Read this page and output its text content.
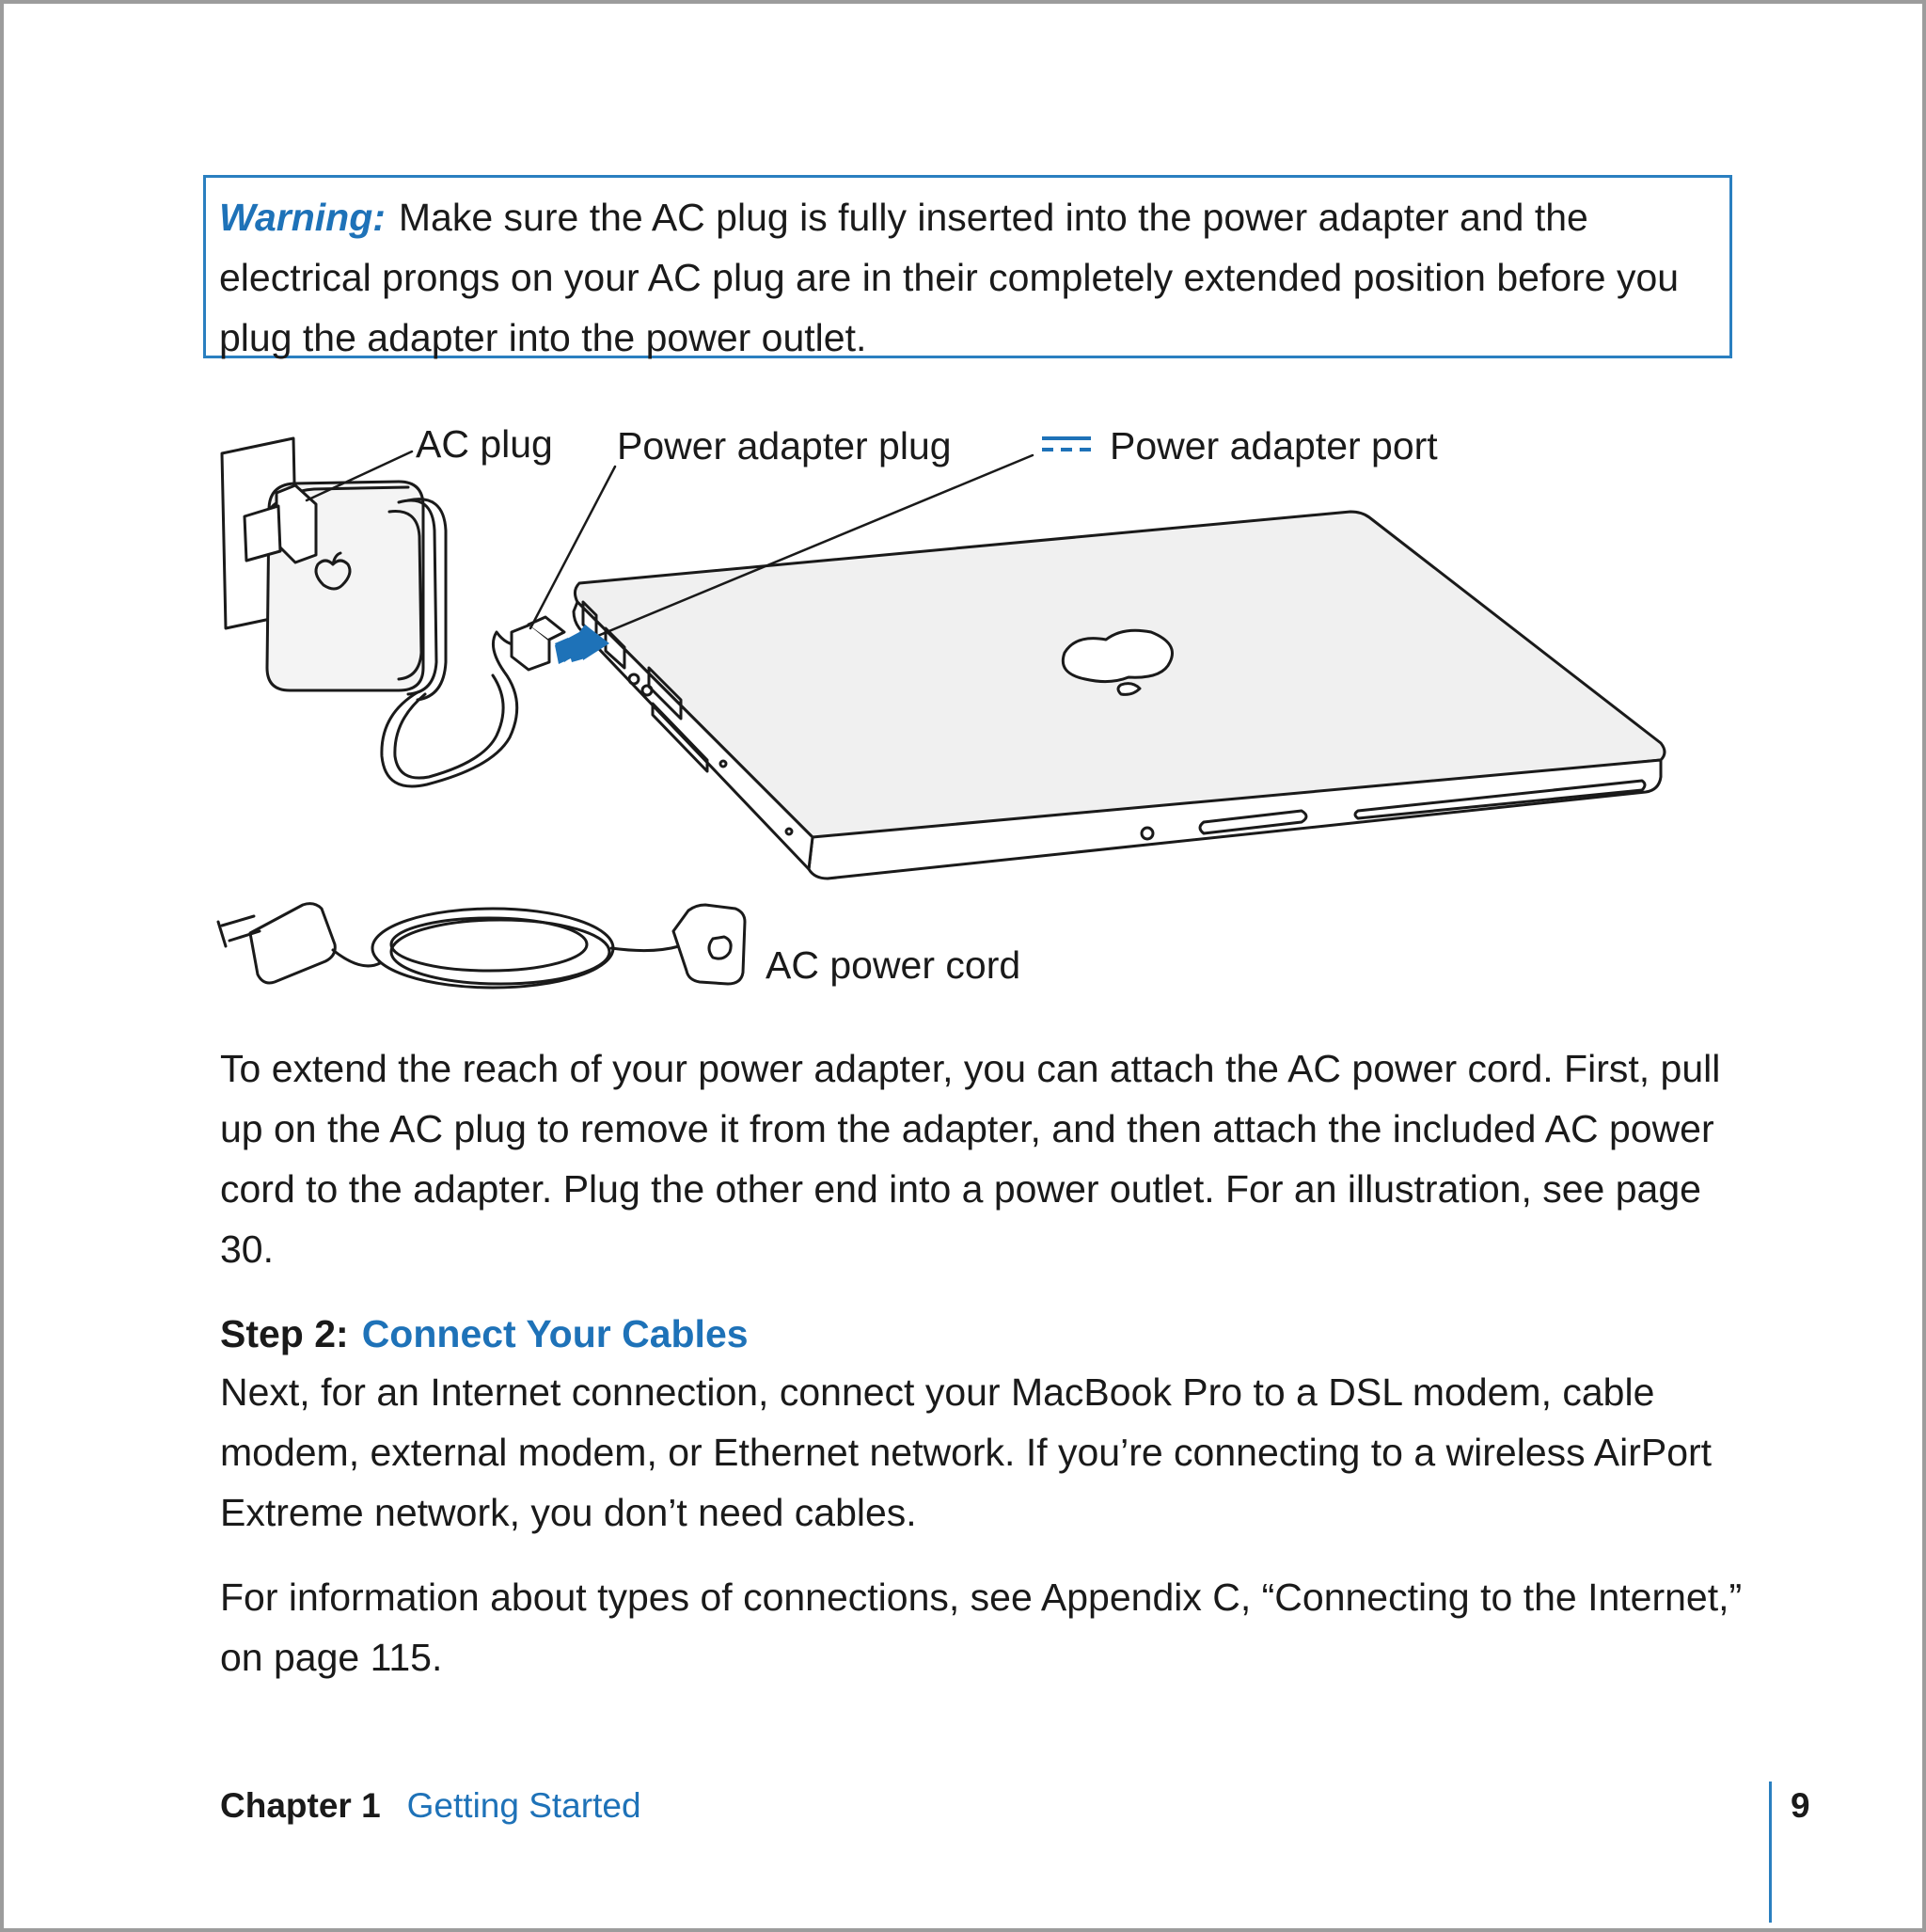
Warning: Make sure the AC plug is fully inserted into the power adapter and the electrical prongs on your AC plug are in their completely extended position before you plug the adapter into the power outlet.

AC plug Power adapter plug	Power adapter port
AC power cord

To extend the reach of your power adapter, you can attach the AC power cord. First, pull up on the AC plug to remove it from the adapter, and then attach the included AC power cord to the adapter. Plug the other end into a power outlet. For an illustration, see page 30.

Step 2: Connect Your Cables

Next, for an Internet connection, connect your MacBook Pro to a DSL modem, cable modem, external modem, or Ethernet network. If you’re connecting to a wireless AirPort Extreme network, you don’t need cables.

For information about types of connections, see Appendix C, “Connecting to the Internet,” on page 115.

Chapter 1 Getting Started	9
